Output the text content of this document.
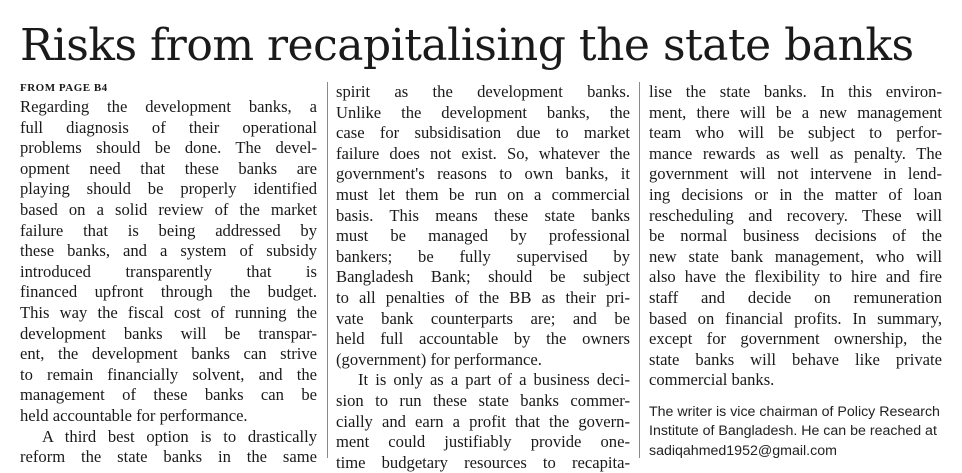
Risks from recapitalising the state banks
FROM PAGE B4
Regarding the development banks, a
full diagnosis of their operational
problems should be done. The devel-
opment need that these banks are
playing should be properly identified
based on a solid review of the market
failure that is being addressed by
these banks, and a system of subsidy
introduced transparently that is
financed upfront through the budget.
This way the fiscal cost of running the
development banks will be transpar-
ent, the development banks can strive
to remain financially solvent, and the
management of these banks can be
held accountable for performance.
A third best option is to drastically
reform the state banks in the same
spirit as the development banks.
Unlike the development banks, the
case for subsidisation due to market
failure does not exist. So, whatever the
government's reasons to own banks, it
must let them be run on a commercial
basis. This means these state banks
must be managed by professional
bankers; be fully supervised by
Bangladesh Bank; should be subject
to all penalties of the BB as their pri-
vate bank counterparts are; and be
held full accountable by the owners
(government) for performance.
It is only as a part of a business deci-
sion to run these state banks commer-
cially and earn a profit that the govern-
ment could justifiably provide one-
time budgetary resources to recapita-
lise the state banks. In this environ-
ment, there will be a new management
team who will be subject to perfor-
mance rewards as well as penalty. The
government will not intervene in lend-
ing decisions or in the matter of loan
rescheduling and recovery. These will
be normal business decisions of the
new state bank management, who will
also have the flexibility to hire and fire
staff and decide on remuneration
based on financial profits. In summary,
except for government ownership, the
state banks will behave like private
commercial banks.
The writer is vice chairman of Policy Research
Institute of Bangladesh. He can be reached at
sadiqahmed1952@gmail.com
